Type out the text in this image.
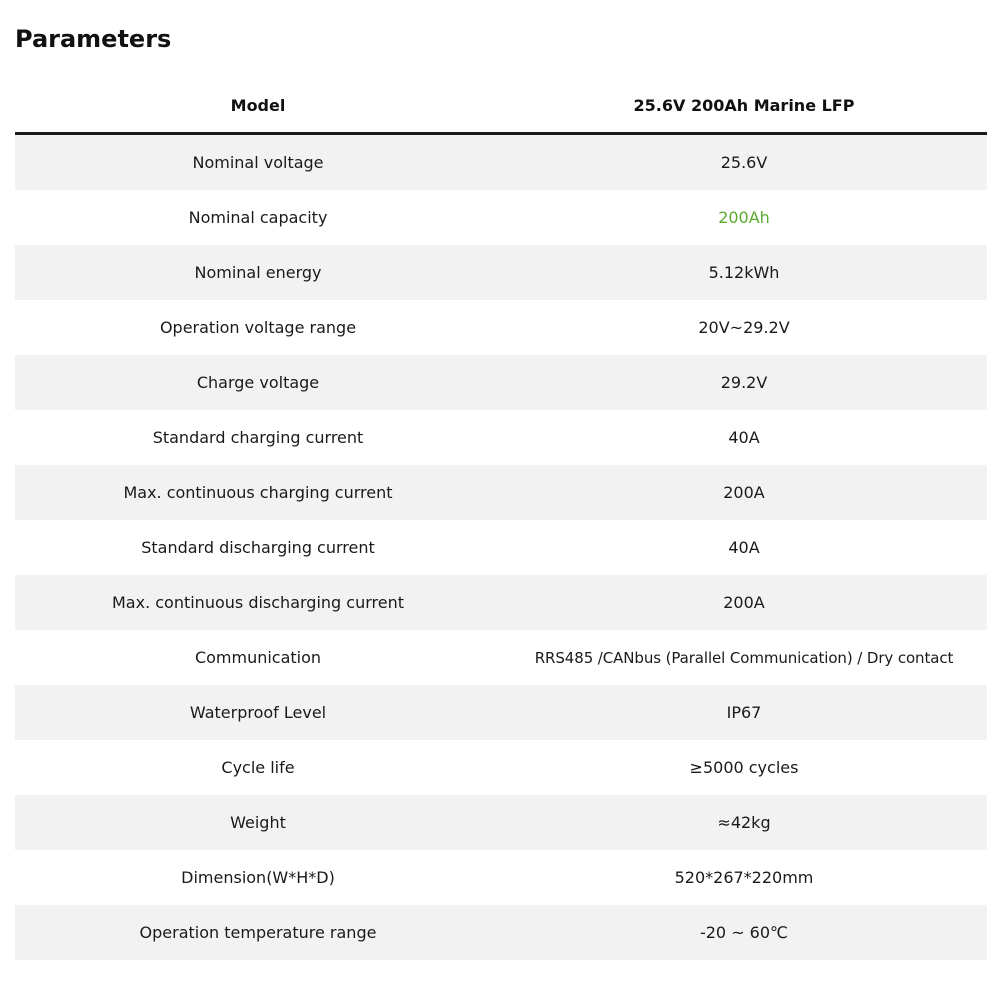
Parameters
Model	25.6V 200Ah Marine LFP
Nominal voltage	25.6V
Nominal capacity	200Ah
Nominal energy	5.12kWh
Operation voltage range	20V~29.2V
Charge voltage	29.2V
Standard charging current	40A
Max. continuous charging current	200A
Standard discharging current	40A
Max. continuous discharging current	200A
Communication	RRS485 /CANbus (Parallel Communication) / Dry contact
Waterproof Level	IP67
Cycle life	≥5000 cycles
Weight	≈42kg
Dimension(W*H*D)	520*267*220mm
Operation temperature range	-20 ~ 60℃
